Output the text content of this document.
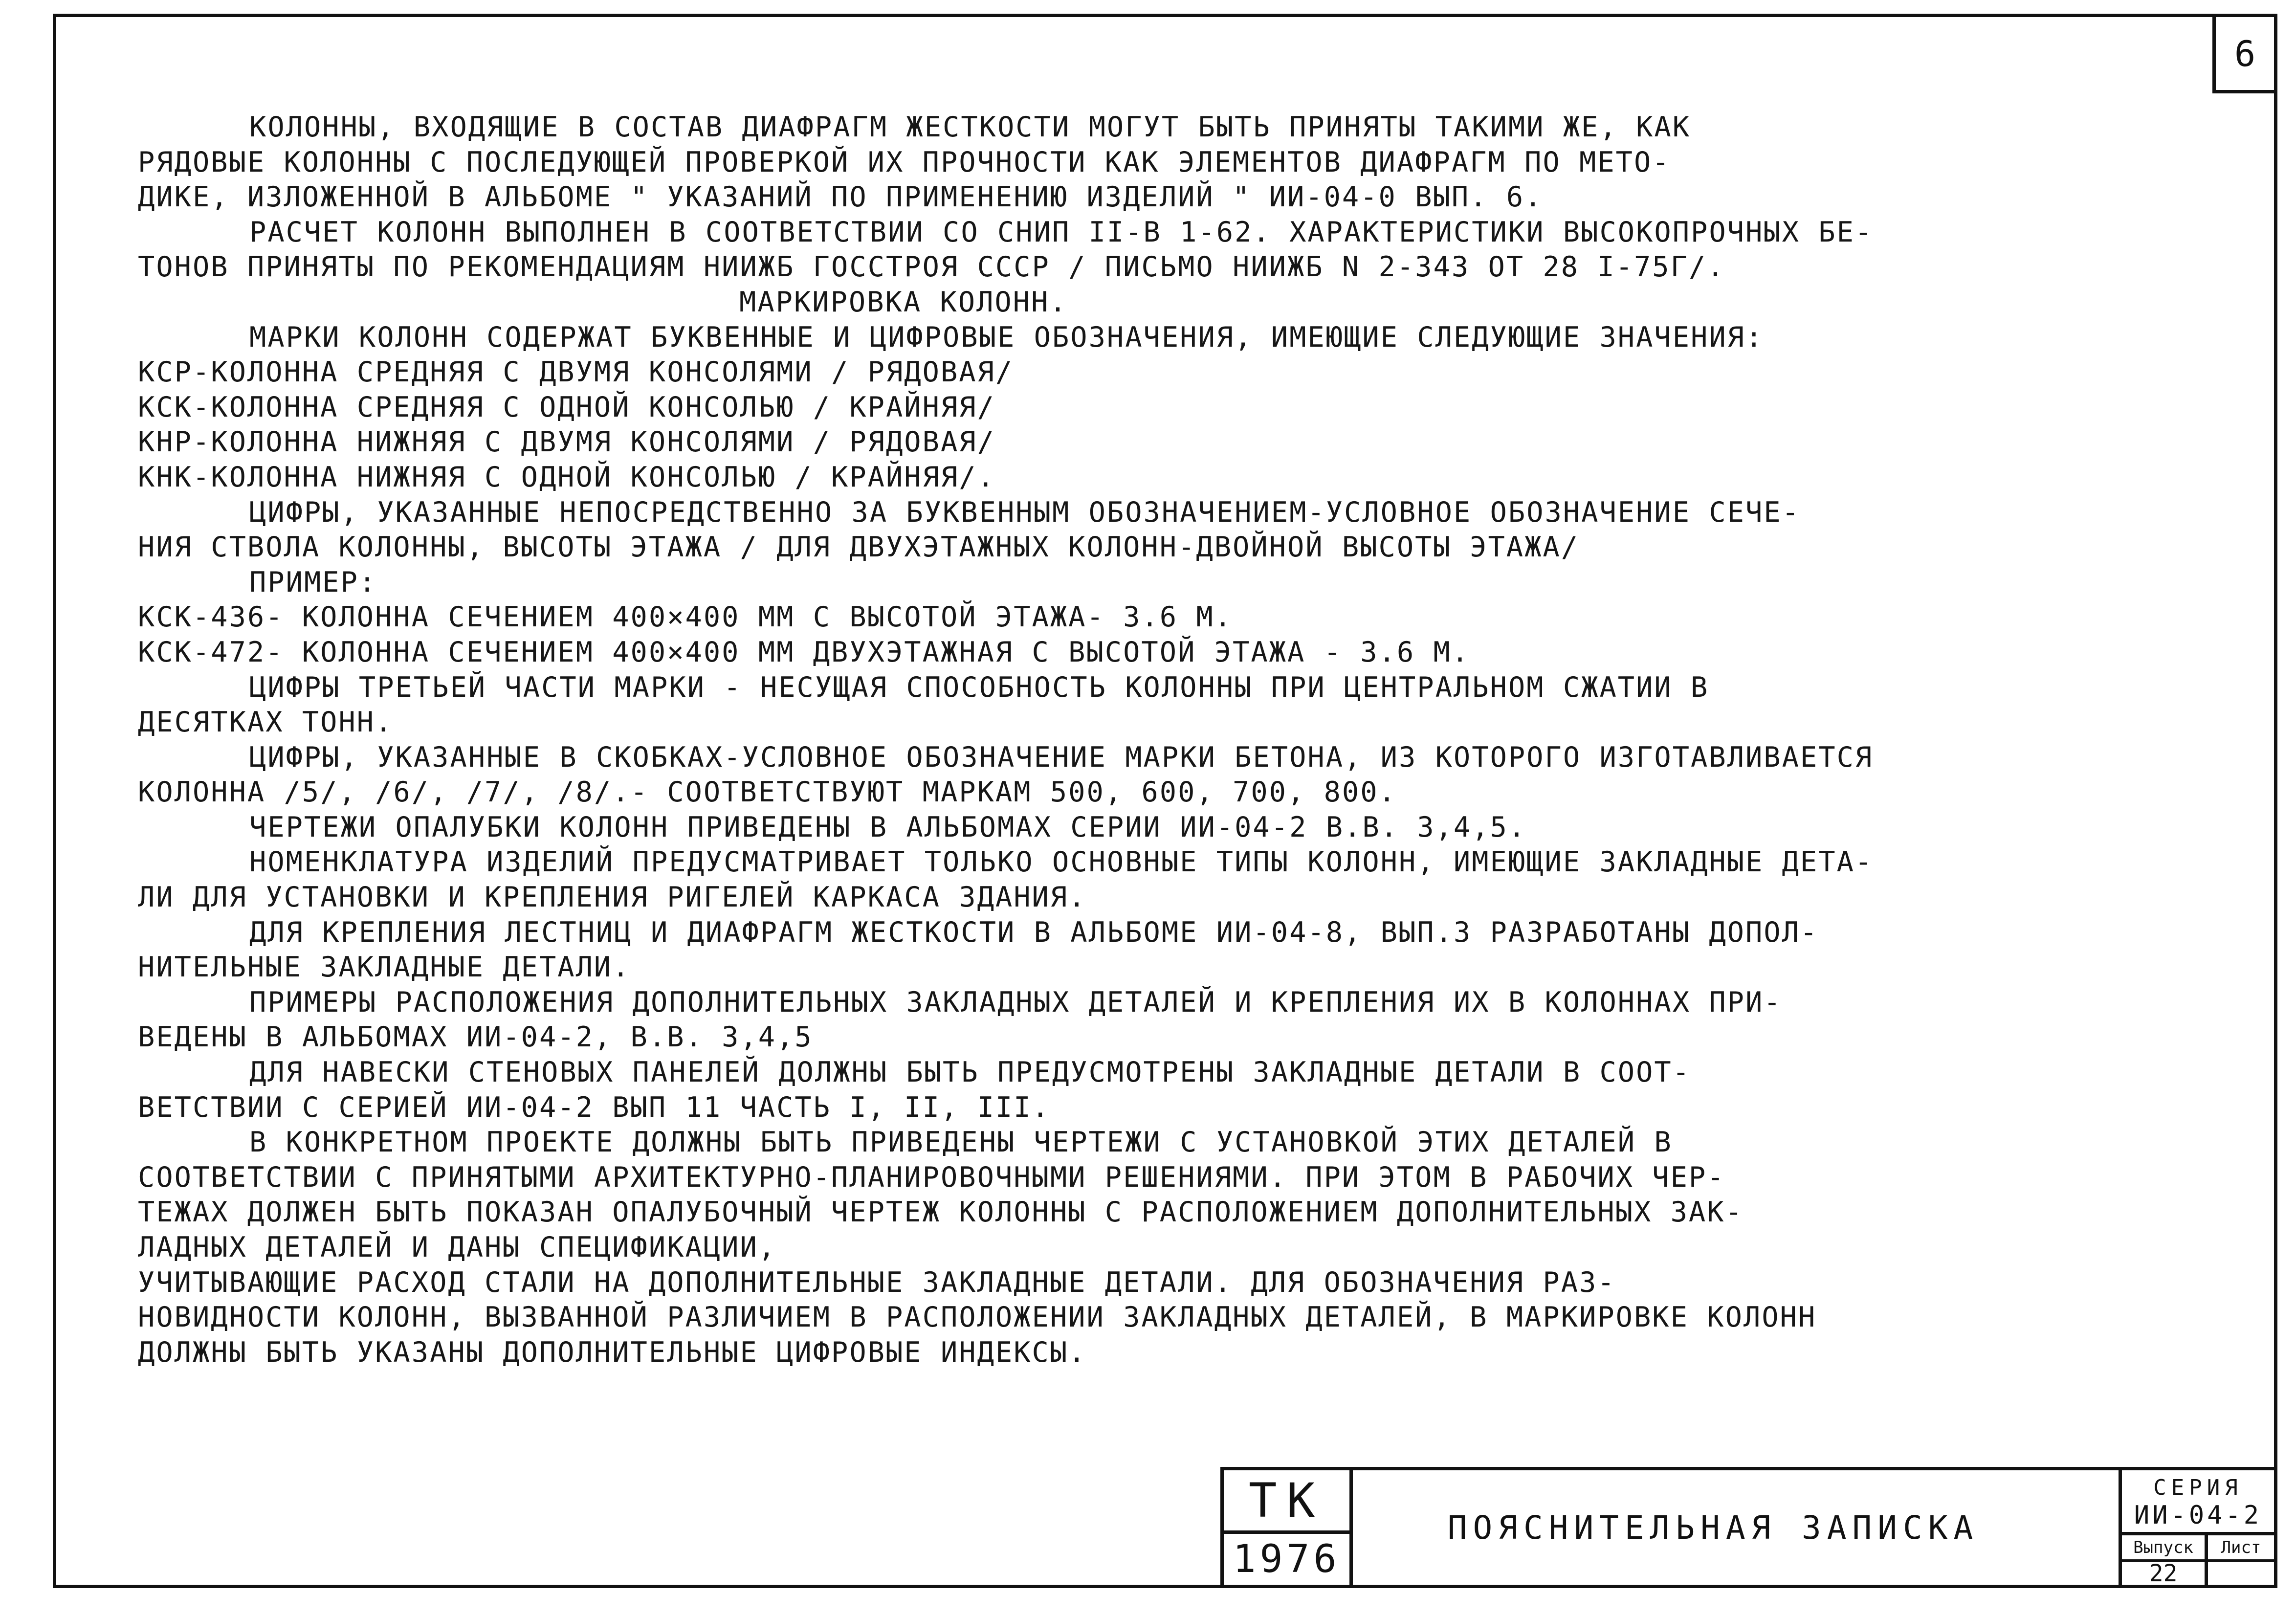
6

КОЛОННЫ, ВХОДЯЩИЕ В СОСТАВ ДИАФРАГМ ЖЕСТКОСТИ МОГУТ БЫТЬ ПРИНЯТЫ ТАКИМИ ЖЕ, КАК

РЯДОВЫЕ КОЛОННЫ С ПОСЛЕДУЮЩЕЙ ПРОВЕРКОЙ ИХ ПРОЧНОСТИ КАК ЭЛЕМЕНТОВ ДИАФРАГМ ПО МЕТО-

ДИКЕ, ИЗЛОЖЕННОЙ В АЛЬБОМЕ " УКАЗАНИЙ ПО ПРИМЕНЕНИЮ ИЗДЕЛИЙ " ИИ-04-0 ВЫП. 6.

РАСЧЕТ КОЛОНН ВЫПОЛНЕН В СООТВЕТСТВИИ СО СНИП II-В 1-62. ХАРАКТЕРИСТИКИ ВЫСОКОПРОЧНЫХ БЕ-

ТОНОВ ПРИНЯТЫ ПО РЕКОМЕНДАЦИЯМ НИИЖБ ГОССТРОЯ СССР / ПИСЬМО НИИЖБ N 2-343 ОТ 28 I-75Г/.

МАРКИРОВКА КОЛОНН.

МАРКИ КОЛОНН СОДЕРЖАТ БУКВЕННЫЕ И ЦИФРОВЫЕ ОБОЗНАЧЕНИЯ, ИМЕЮЩИЕ СЛЕДУЮЩИЕ ЗНАЧЕНИЯ:

КСР-КОЛОННА СРЕДНЯЯ С ДВУМЯ КОНСОЛЯМИ / РЯДОВАЯ/

КСК-КОЛОННА СРЕДНЯЯ С ОДНОЙ КОНСОЛЬЮ / КРАЙНЯЯ/

КНР-КОЛОННА НИЖНЯЯ С ДВУМЯ КОНСОЛЯМИ / РЯДОВАЯ/

КНК-КОЛОННА НИЖНЯЯ С ОДНОЙ КОНСОЛЬЮ / КРАЙНЯЯ/.

ЦИФРЫ, УКАЗАННЫЕ НЕПОСРЕДСТВЕННО ЗА БУКВЕННЫМ ОБОЗНАЧЕНИЕМ-УСЛОВНОЕ ОБОЗНАЧЕНИЕ СЕЧЕ-

НИЯ СТВОЛА КОЛОННЫ, ВЫСОТЫ ЭТАЖА / ДЛЯ ДВУХЭТАЖНЫХ КОЛОНН-ДВОЙНОЙ ВЫСОТЫ ЭТАЖА/

ПРИМЕР:

КСК-436- КОЛОННА СЕЧЕНИЕМ 400×400 ММ С ВЫСОТОЙ ЭТАЖА- 3.6 М.

КСК-472- КОЛОННА СЕЧЕНИЕМ 400×400 ММ ДВУХЭТАЖНАЯ С ВЫСОТОЙ ЭТАЖА - 3.6 М.

ЦИФРЫ ТРЕТЬЕЙ ЧАСТИ МАРКИ - НЕСУЩАЯ СПОСОБНОСТЬ КОЛОННЫ ПРИ ЦЕНТРАЛЬНОМ СЖАТИИ В

ДЕСЯТКАХ ТОНН.

ЦИФРЫ, УКАЗАННЫЕ В СКОБКАХ-УСЛОВНОЕ ОБОЗНАЧЕНИЕ МАРКИ БЕТОНА, ИЗ КОТОРОГО ИЗГОТАВЛИВАЕТСЯ

КОЛОННА /5/, /6/, /7/, /8/.- СООТВЕТСТВУЮТ МАРКАМ 500, 600, 700, 800.

ЧЕРТЕЖИ ОПАЛУБКИ КОЛОНН ПРИВЕДЕНЫ В АЛЬБОМАХ СЕРИИ ИИ-04-2 В.В. 3,4,5.

НОМЕНКЛАТУРА ИЗДЕЛИЙ ПРЕДУСМАТРИВАЕТ ТОЛЬКО ОСНОВНЫЕ ТИПЫ КОЛОНН, ИМЕЮЩИЕ ЗАКЛАДНЫЕ ДЕТА-

ЛИ ДЛЯ УСТАНОВКИ И КРЕПЛЕНИЯ РИГЕЛЕЙ КАРКАСА ЗДАНИЯ.

ДЛЯ КРЕПЛЕНИЯ ЛЕСТНИЦ И ДИАФРАГМ ЖЕСТКОСТИ В АЛЬБОМЕ ИИ-04-8, ВЫП.3 РАЗРАБОТАНЫ ДОПОЛ-

НИТЕЛЬНЫЕ ЗАКЛАДНЫЕ ДЕТАЛИ.

ПРИМЕРЫ РАСПОЛОЖЕНИЯ ДОПОЛНИТЕЛЬНЫХ ЗАКЛАДНЫХ ДЕТАЛЕЙ И КРЕПЛЕНИЯ ИХ В КОЛОННАХ ПРИ-

ВЕДЕНЫ В АЛЬБОМАХ ИИ-04-2, В.В. 3,4,5

ДЛЯ НАВЕСКИ СТЕНОВЫХ ПАНЕЛЕЙ ДОЛЖНЫ БЫТЬ ПРЕДУСМОТРЕНЫ ЗАКЛАДНЫЕ ДЕТАЛИ В СООТ-

ВЕТСТВИИ С СЕРИЕЙ ИИ-04-2 ВЫП 11 ЧАСТЬ I, II, III.

В КОНКРЕТНОМ ПРОЕКТЕ ДОЛЖНЫ БЫТЬ ПРИВЕДЕНЫ ЧЕРТЕЖИ С УСТАНОВКОЙ ЭТИХ ДЕТАЛЕЙ В

СООТВЕТСТВИИ С ПРИНЯТЫМИ АРХИТЕКТУРНО-ПЛАНИРОВОЧНЫМИ РЕШЕНИЯМИ. ПРИ ЭТОМ В РАБОЧИХ ЧЕР-

ТЕЖАХ ДОЛЖЕН БЫТЬ ПОКАЗАН ОПАЛУБОЧНЫЙ ЧЕРТЕЖ КОЛОННЫ С РАСПОЛОЖЕНИЕМ ДОПОЛНИТЕЛЬНЫХ ЗАК-

ЛАДНЫХ ДЕТАЛЕЙ И ДАНЫ СПЕЦИФИКАЦИИ,

УЧИТЫВАЮЩИЕ РАСХОД СТАЛИ НА ДОПОЛНИТЕЛЬНЫЕ ЗАКЛАДНЫЕ ДЕТАЛИ. ДЛЯ ОБОЗНАЧЕНИЯ РАЗ-

НОВИДНОСТИ КОЛОНН, ВЫЗВАННОЙ РАЗЛИЧИЕМ В РАСПОЛОЖЕНИИ ЗАКЛАДНЫХ ДЕТАЛЕЙ, В МАРКИРОВКЕ КОЛОНН

ДОЛЖНЫ БЫТЬ УКАЗАНЫ ДОПОЛНИТЕЛЬНЫЕ ЦИФРОВЫЕ ИНДЕКСЫ.

ТК
1976
ПОЯСНИТЕЛЬНАЯ ЗАПИСКА
СЕРИЯ
ИИ-04-2
Выпуск	Лист
22
